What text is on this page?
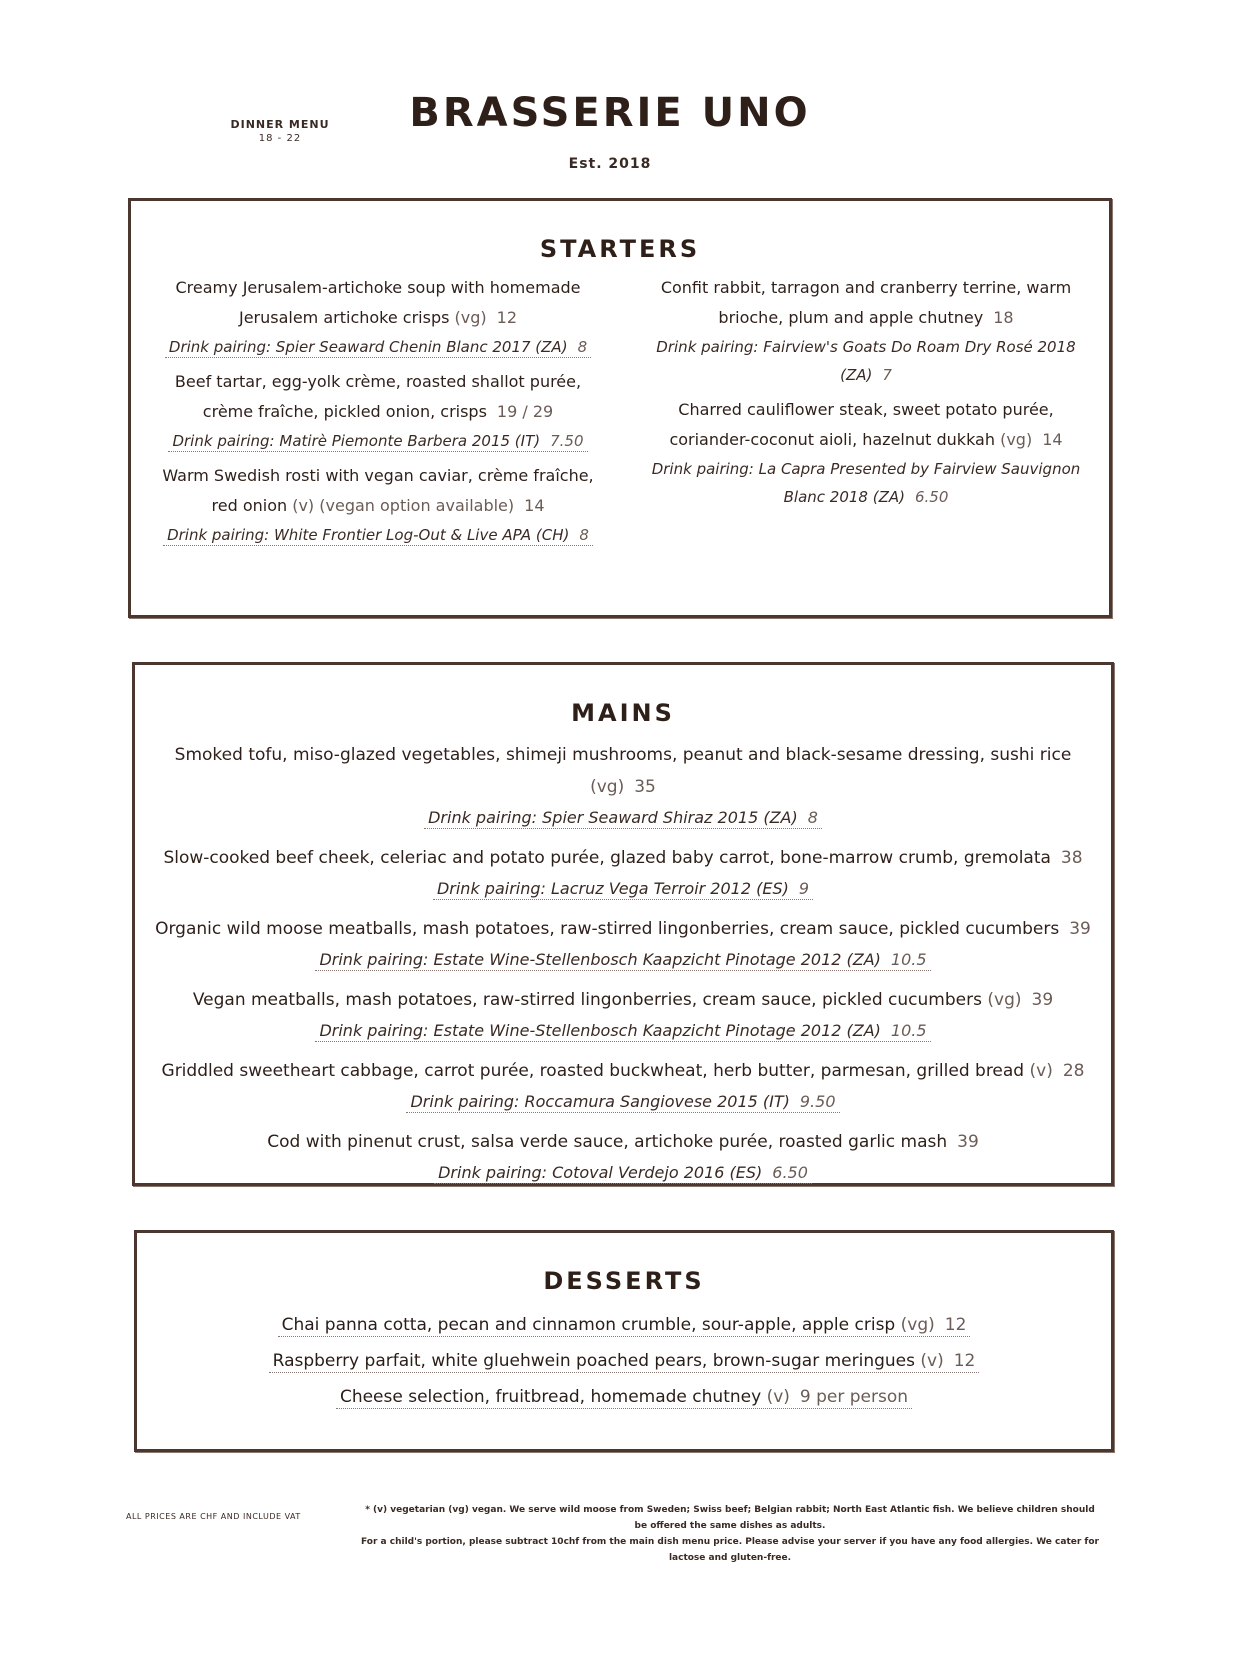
DINNER MENU
18 - 22
BRASSERIE UNO
Est. 2018
STARTERS
Creamy Jerusalem-artichoke soup with homemade Jerusalem artichoke crisps (vg) 12
Drink pairing: Spier Seaward Chenin Blanc 2017 (ZA) 8
Beef tartar, egg-yolk crème, roasted shallot purée, crème fraîche, pickled onion, crisps 19 / 29
Drink pairing: Matirè Piemonte Barbera 2015 (IT) 7.50
Warm Swedish rosti with vegan caviar, crème fraîche, red onion (v) (vegan option available) 14
Drink pairing: White Frontier Log-Out & Live APA (CH) 8
Confit rabbit, tarragon and cranberry terrine, warm brioche, plum and apple chutney 18
Drink pairing: Fairview's Goats Do Roam Dry Rosé 2018 (ZA) 7
Charred cauliflower steak, sweet potato purée, coriander-coconut aioli, hazelnut dukkah (vg) 14
Drink pairing: La Capra Presented by Fairview Sauvignon Blanc 2018 (ZA) 6.50
MAINS
Smoked tofu, miso-glazed vegetables, shimeji mushrooms, peanut and black-sesame dressing, sushi rice (vg) 35
Drink pairing: Spier Seaward Shiraz 2015 (ZA) 8
Slow-cooked beef cheek, celeriac and potato purée, glazed baby carrot, bone-marrow crumb, gremolata 38
Drink pairing: Lacruz Vega Terroir 2012 (ES) 9
Organic wild moose meatballs, mash potatoes, raw-stirred lingonberries, cream sauce, pickled cucumbers 39
Drink pairing: Estate Wine-Stellenbosch Kaapzicht Pinotage 2012 (ZA) 10.5
Vegan meatballs, mash potatoes, raw-stirred lingonberries, cream sauce, pickled cucumbers (vg) 39
Drink pairing: Estate Wine-Stellenbosch Kaapzicht Pinotage 2012 (ZA) 10.5
Griddled sweetheart cabbage, carrot purée, roasted buckwheat, herb butter, parmesan, grilled bread (v) 28
Drink pairing: Roccamura Sangiovese 2015 (IT) 9.50
Cod with pinenut crust, salsa verde sauce, artichoke purée, roasted garlic mash 39
Drink pairing: Cotoval Verdejo 2016 (ES) 6.50
DESSERTS
Chai panna cotta, pecan and cinnamon crumble, sour-apple, apple crisp (vg) 12
Raspberry parfait, white gluehwein poached pears, brown-sugar meringues (v) 12
Cheese selection, fruitbread, homemade chutney (v) 9 per person
ALL PRICES ARE CHF AND INCLUDE VAT
* (v) vegetarian (vg) vegan. We serve wild moose from Sweden; Swiss beef; Belgian rabbit; North East Atlantic fish. We believe children should be offered the same dishes as adults.
For a child's portion, please subtract 10chf from the main dish menu price. Please advise your server if you have any food allergies. We cater for lactose and gluten-free.
